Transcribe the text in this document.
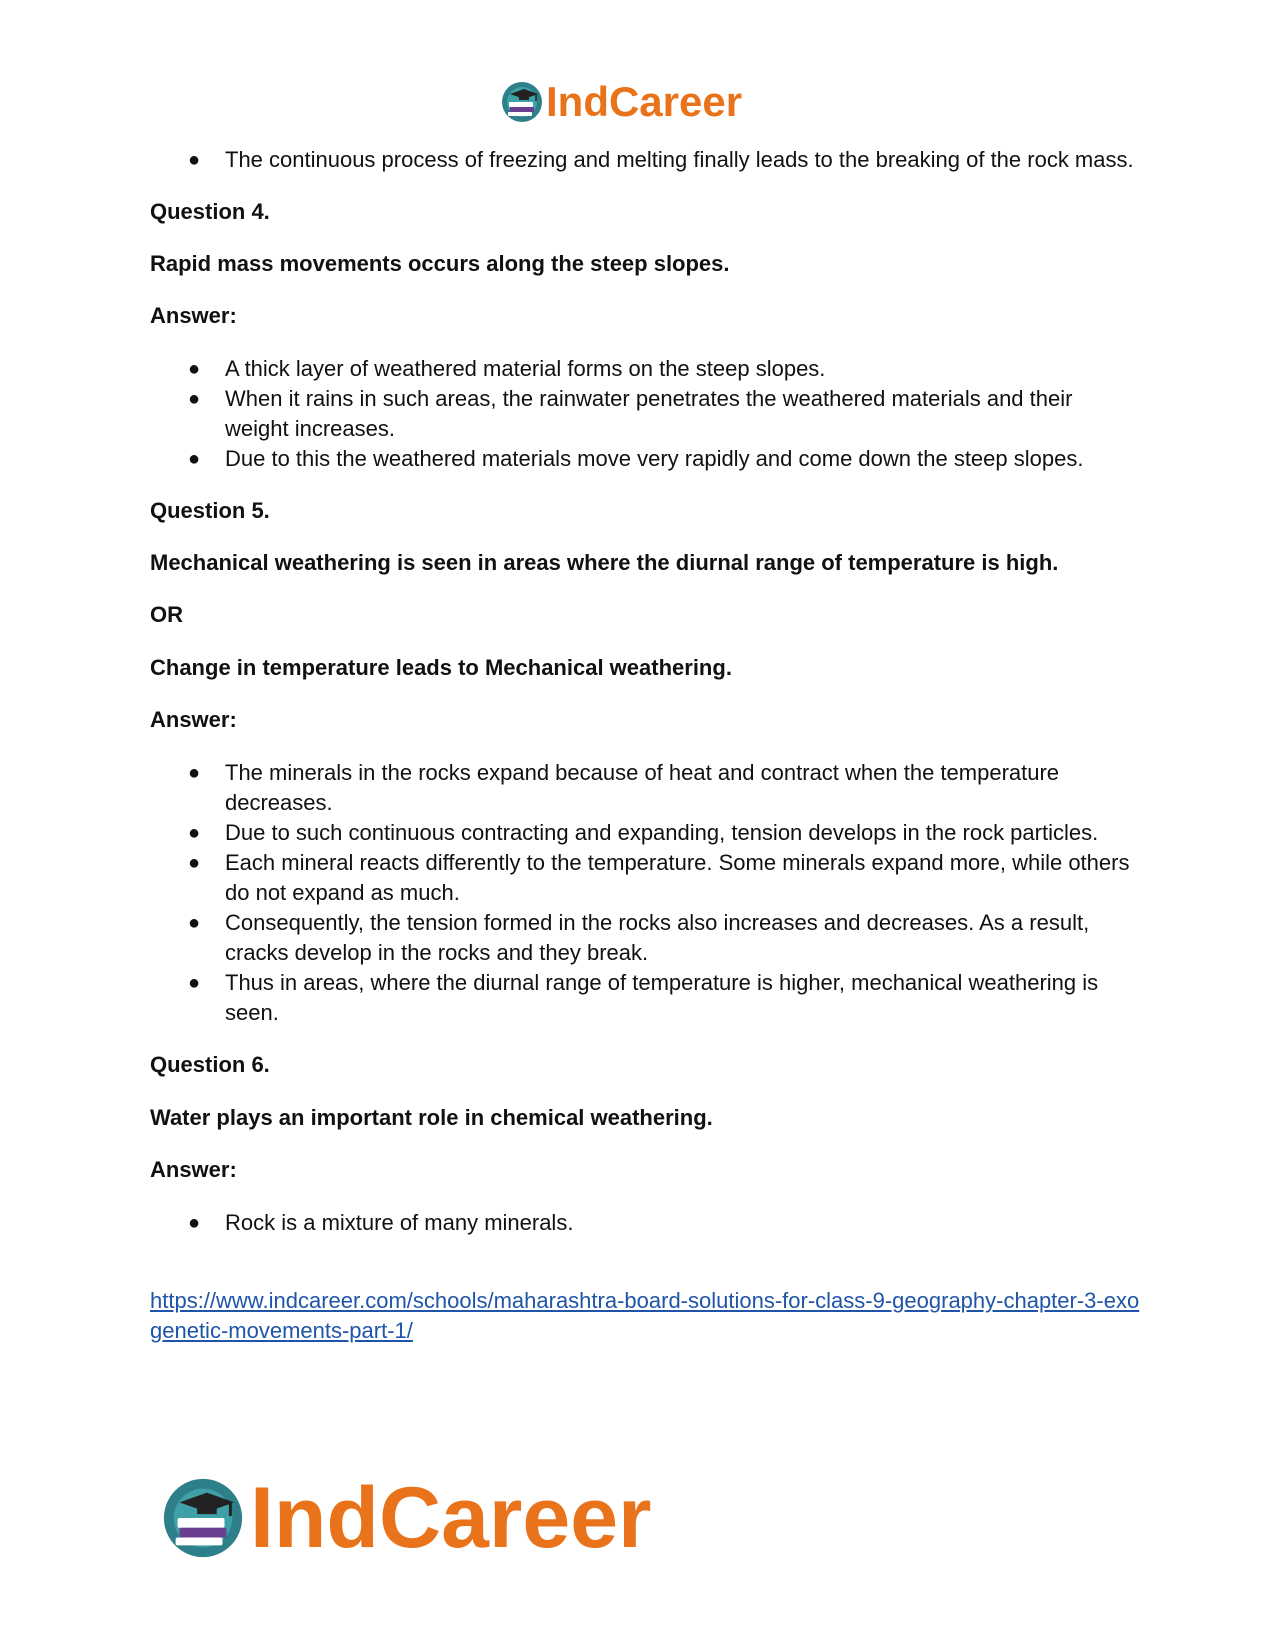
IndCareer
● The continuous process of freezing and melting finally leads to the breaking of the rock mass.

Question 4.

Rapid mass movements occurs along the steep slopes.

Answer:

● A thick layer of weathered material forms on the steep slopes.
● When it rains in such areas, the rainwater penetrates the weathered materials and their weight increases.
● Due to this the weathered materials move very rapidly and come down the steep slopes.

Question 5.

Mechanical weathering is seen in areas where the diurnal range of temperature is high.

OR

Change in temperature leads to Mechanical weathering.

Answer:

● The minerals in the rocks expand because of heat and contract when the temperature decreases.
● Due to such continuous contracting and expanding, tension develops in the rock particles.
● Each mineral reacts differently to the temperature. Some minerals expand more, while others do not expand as much.
● Consequently, the tension formed in the rocks also increases and decreases. As a result, cracks develop in the rocks and they break.
● Thus in areas, where the diurnal range of temperature is higher, mechanical weathering is seen.

Question 6.

Water plays an important role in chemical weathering.

Answer:

● Rock is a mixture of many minerals.
https://www.indcareer.com/schools/maharashtra-board-solutions-for-class-9-geography-chapter-3-exogenetic-movements-part-1/
IndCareer
